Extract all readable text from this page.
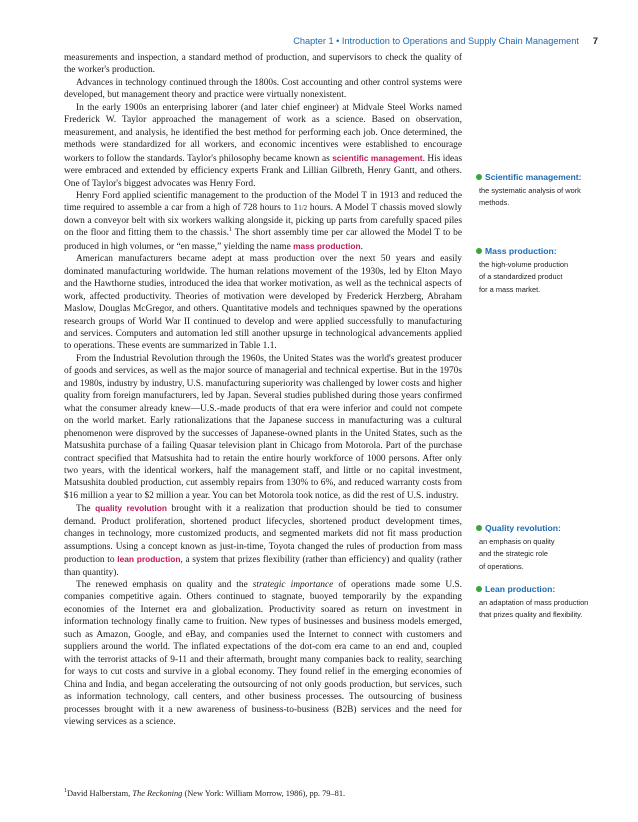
Chapter 1 • Introduction to Operations and Supply Chain Management 7

measurements and inspection, a standard method of production, and supervisors to check the quality of the worker's production.

Advances in technology continued through the 1800s. Cost accounting and other control systems were developed, but management theory and practice were virtually nonexistent.

In the early 1900s an enterprising laborer (and later chief engineer) at Midvale Steel Works named Frederick W. Taylor approached the management of work as a science. Based on observation, measurement, and analysis, he identified the best method for performing each job. Once determined, the methods were standardized for all workers, and economic incentives were established to encourage workers to follow the standards. Taylor's philosophy became known as scientific management. His ideas were embraced and extended by efficiency experts Frank and Lillian Gilbreth, Henry Gantt, and others. One of Taylor's biggest advocates was Henry Ford.

Henry Ford applied scientific management to the production of the Model T in 1913 and reduced the time required to assemble a car from a high of 728 hours to 11/2 hours. A Model T chassis moved slowly down a conveyor belt with six workers walking alongside it, picking up parts from carefully spaced piles on the floor and fitting them to the chassis.$^1$ The short assembly time per car allowed the Model T to be produced in high volumes, or “en masse,” yielding the name mass production.

American manufacturers became adept at mass production over the next 50 years and easily dominated manufacturing worldwide. The human relations movement of the 1930s, led by Elton Mayo and the Hawthorne studies, introduced the idea that worker motivation, as well as the technical aspects of work, affected productivity. Theories of motivation were developed by Frederick Herzberg, Abraham Maslow, Douglas McGregor, and others. Quantitative models and techniques spawned by the operations research groups of World War II continued to develop and were applied successfully to manufacturing and services. Computers and automation led still another upsurge in technological advancements applied to operations. These events are summarized in Table 1.1.

From the Industrial Revolution through the 1960s, the United States was the world's greatest producer of goods and services, as well as the major source of managerial and technical expertise. But in the 1970s and 1980s, industry by industry, U.S. manufacturing superiority was challenged by lower costs and higher quality from foreign manufacturers, led by Japan. Several studies published during those years confirmed what the consumer already knew—U.S.-made products of that era were inferior and could not compete on the world market. Early rationalizations that the Japanese success in manufacturing was a cultural phenomenon were disproved by the successes of Japanese-owned plants in the United States, such as the Matsushita purchase of a failing Quasar television plant in Chicago from Motorola. Part of the purchase contract specified that Matsushita had to retain the entire hourly workforce of 1000 persons. After only two years, with the identical workers, half the management staff, and little or no capital investment, Matsushita doubled production, cut assembly repairs from 130% to 6%, and reduced warranty costs from $16 million a year to $2 million a year. You can bet Motorola took notice, as did the rest of U.S. industry.

The quality revolution brought with it a realization that production should be tied to consumer demand. Product proliferation, shortened product lifecycles, shortened product development times, changes in technology, more customized products, and segmented markets did not fit mass production assumptions. Using a concept known as just-in-time, Toyota changed the rules of production from mass production to lean production, a system that prizes flexibility (rather than efficiency) and quality (rather than quantity).

The renewed emphasis on quality and the strategic importance of operations made some U.S. companies competitive again. Others continued to stagnate, buoyed temporarily by the expanding economies of the Internet era and globalization. Productivity soared as return on investment in information technology finally came to fruition. New types of businesses and business models emerged, such as Amazon, Google, and eBay, and companies used the Internet to connect with customers and suppliers around the world. The inflated expectations of the dot-com era came to an end and, coupled with the terrorist attacks of 9-11 and their aftermath, brought many companies back to reality, searching for ways to cut costs and survive in a global economy. They found relief in the emerging economies of China and India, and began accelerating the outsourcing of not only goods production, but services, such as information technology, call centers, and other business processes. The outsourcing of business processes brought with it a new awareness of business-to-business (B2B) services and the need for viewing services as a science.

Scientific management:
the systematic analysis of work
methods.
Mass production:
the high-volume production
of a standardized product
for a mass market.
Quality revolution:
an emphasis on quality
and the strategic role
of operations.
Lean production:
an adaptation of mass production
that prizes quality and flexibility.
$^1$David Halberstam, The Reckoning (New York: William Morrow, 1986), pp. 79–81.
